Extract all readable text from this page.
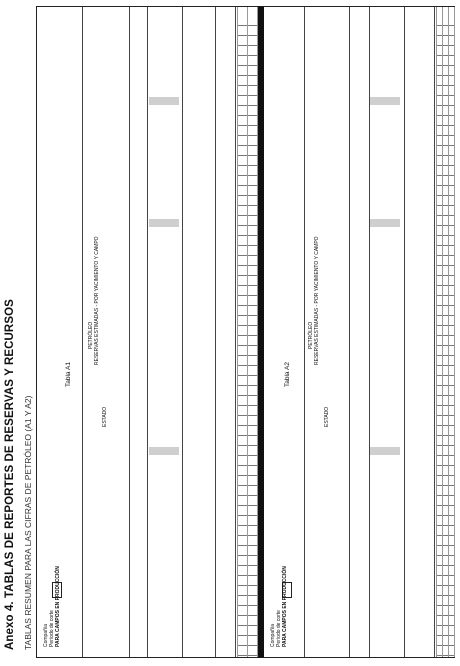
Anexo 4. TABLAS DE REPORTES DE RESERVAS Y RECURSOS TABLAS RESUMEN PARA LAS CIFRAS DE PETRÓLEO (A1 Y A2)
Tabla A1
Compañía Período de corte PARA CAMPOS EN PRODUCCIÓN
PETRÓLEO RESERVAS ESTIMADAS - POR YACIMIENTO Y CAMPO
ESTADO
Tabla A2
Compañía Período de corte PARA CAMPOS EN PRODUCCIÓN
PETRÓLEO RESERVAS ESTIMADAS - POR YACIMIENTO Y CAMPO
ESTADO
